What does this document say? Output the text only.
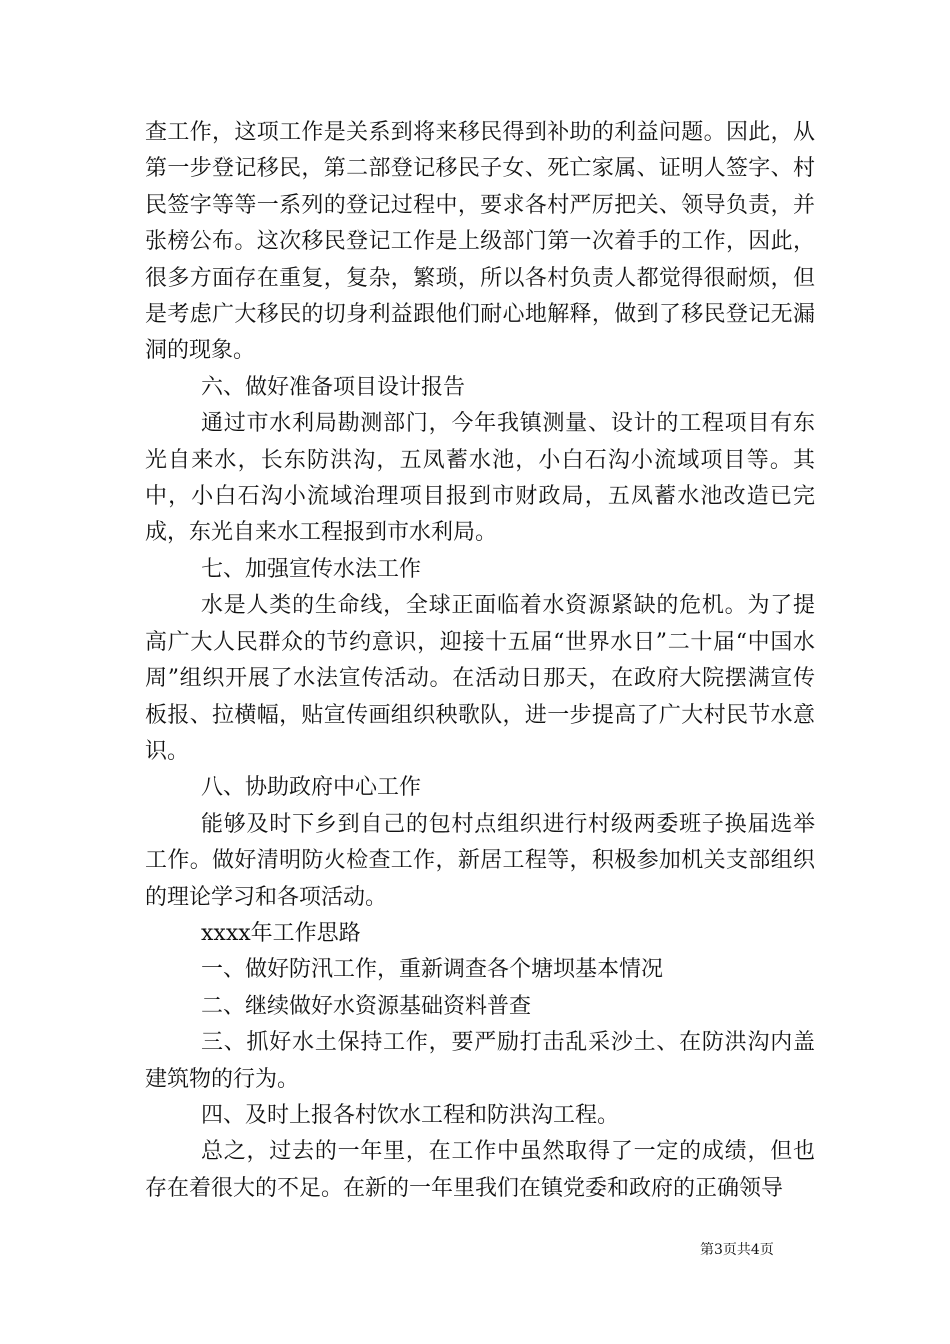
查工作，这项工作是关系到将来移民得到补助的利益问题。因此，从第一步登记移民，第二部登记移民子女、死亡家属、证明人签字、村民签字等等一系列的登记过程中，要求各村严厉把关、领导负责，并张榜公布。这次移民登记工作是上级部门第一次着手的工作，因此，很多方面存在重复，复杂，繁琐，所以各村负责人都觉得很耐烦，但是考虑广大移民的切身利益跟他们耐心地解释，做到了移民登记无漏洞的现象。

六、做好准备项目设计报告

通过市水利局勘测部门，今年我镇测量、设计的工程项目有东光自来水，长东防洪沟，五凤蓄水池，小白石沟小流域项目等。其中，小白石沟小流域治理项目报到市财政局，五凤蓄水池改造已完成，东光自来水工程报到市水利局。

七、加强宣传水法工作

水是人类的生命线，全球正面临着水资源紧缺的危机。为了提高广大人民群众的节约意识，迎接十五届“世界水日”二十届“中国水周”组织开展了水法宣传活动。在活动日那天，在政府大院摆满宣传板报、拉横幅，贴宣传画组织秧歌队，进一步提高了广大村民节水意识。

八、协助政府中心工作

能够及时下乡到自己的包村点组织进行村级两委班子换届选举工作。做好清明防火检查工作，新居工程等，积极参加机关支部组织的理论学习和各项活动。

xxxx年工作思路

一、做好防汛工作，重新调查各个塘坝基本情况

二、继续做好水资源基础资料普查

三、抓好水土保持工作，要严励打击乱采沙土、在防洪沟内盖建筑物的行为。

四、及时上报各村饮水工程和防洪沟工程。

总之，过去的一年里，在工作中虽然取得了一定的成绩，但也存在着很大的不足。在新的一年里我们在镇党委和政府的正确领导

第3页共4页
